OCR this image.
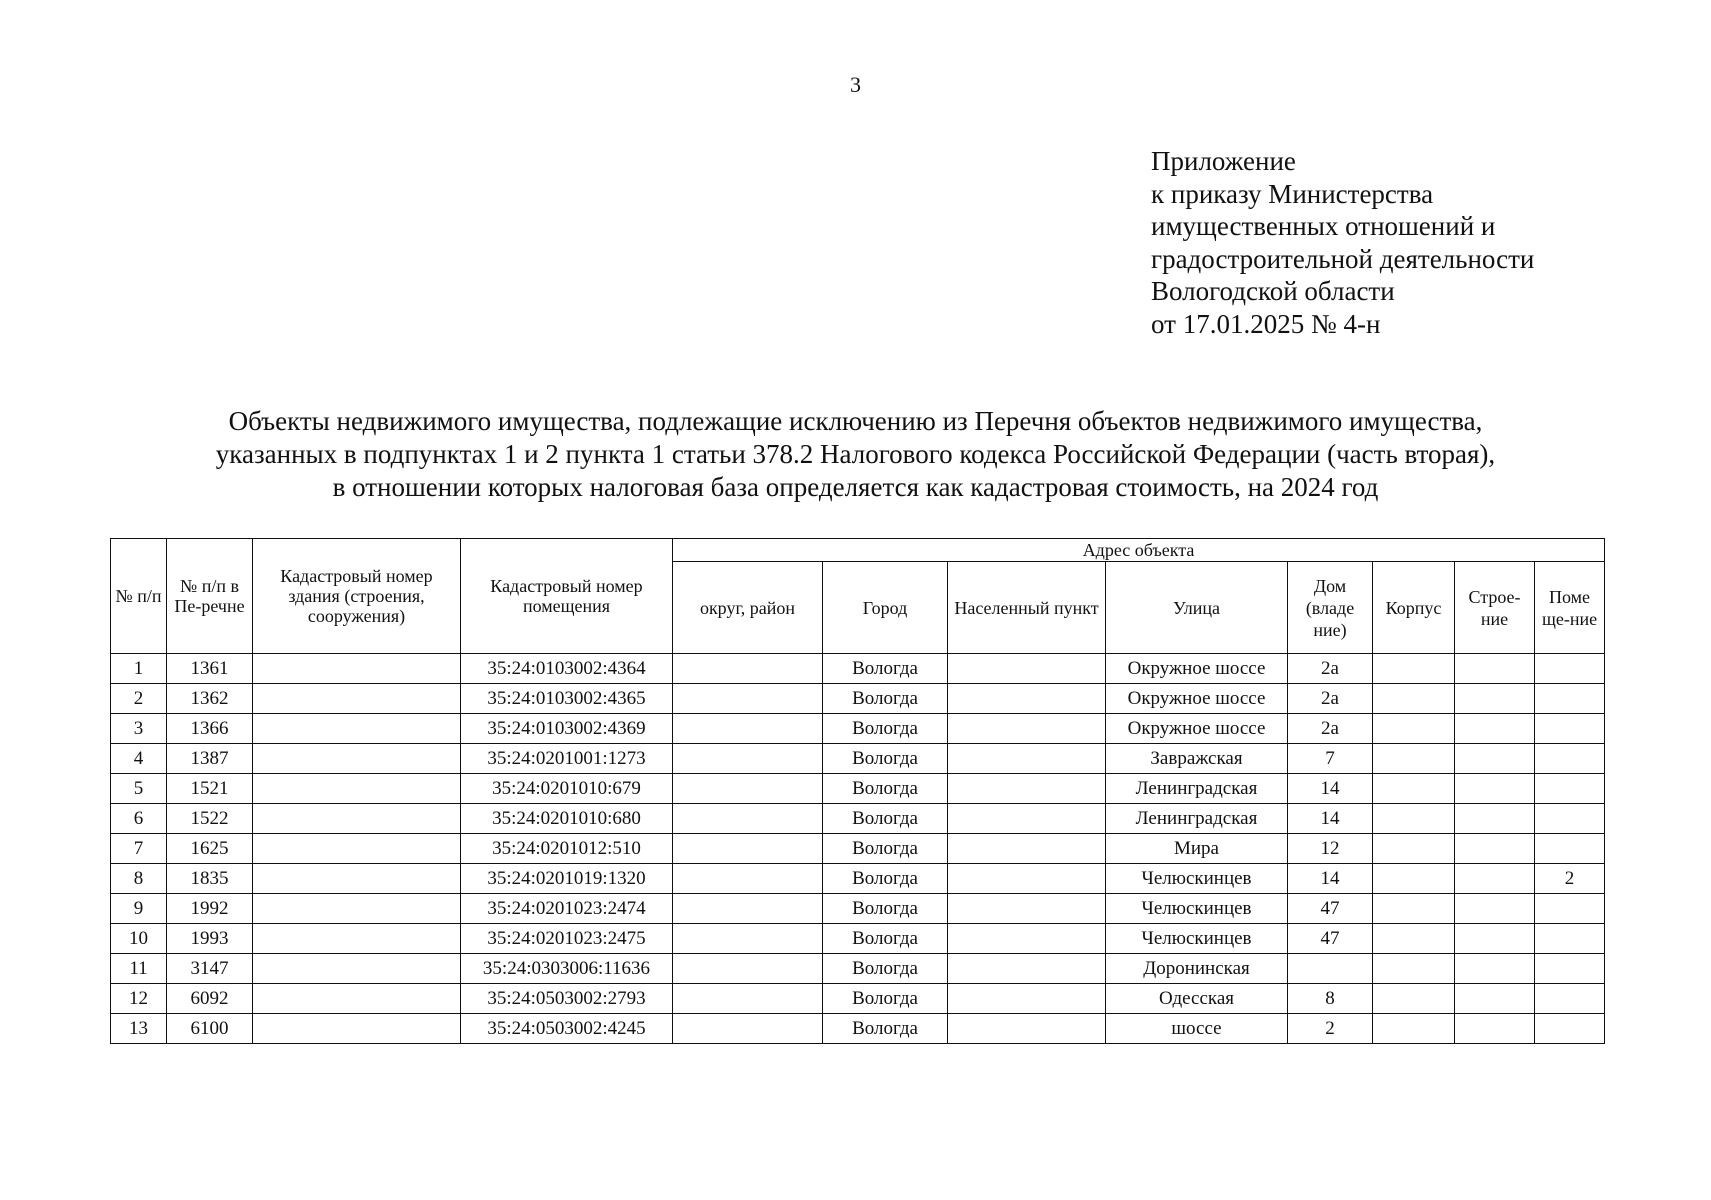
3
Приложение
к приказу Министерства
имущественных отношений и
градостроительной деятельности
Вологодской области
от 17.01.2025 № 4-н
Объекты недвижимого имущества, подлежащие исключению из Перечня объектов недвижимого имущества,
указанных в подпунктах 1 и 2 пункта 1 статьи 378.2 Налогового кодекса Российской Федерации (часть вторая),
в отношении которых налоговая база определяется как кадастровая стоимость, на 2024 год
№ п/п	№ п/п в Пе-речне	Кадастровый номер здания (строения, сооружения)	Кадастровый номер помещения	Адрес объекта							
				округ, район	Город	Населенный пункт	Улица	Дом (владе ние)	Корпус	Строе-ние	Поме ще-ние
1	1361		35:24:0103002:4364		Вологда		Окружное шоссе	2а			
2	1362		35:24:0103002:4365		Вологда		Окружное шоссе	2а			
3	1366		35:24:0103002:4369		Вологда		Окружное шоссе	2а			
4	1387		35:24:0201001:1273		Вологда		Завражская	7			
5	1521		35:24:0201010:679		Вологда		Ленинградская	14			
6	1522		35:24:0201010:680		Вологда		Ленинградская	14			
7	1625		35:24:0201012:510		Вологда		Мира	12			
8	1835		35:24:0201019:1320		Вологда		Челюскинцев	14			2
9	1992		35:24:0201023:2474		Вологда		Челюскинцев	47			
10	1993		35:24:0201023:2475		Вологда		Челюскинцев	47			
11	3147		35:24:0303006:11636		Вологда		Доронинская				
12	6092		35:24:0503002:2793		Вологда		Одесская	8			
13	6100		35:24:0503002:4245		Вологда		шоссе	2			
